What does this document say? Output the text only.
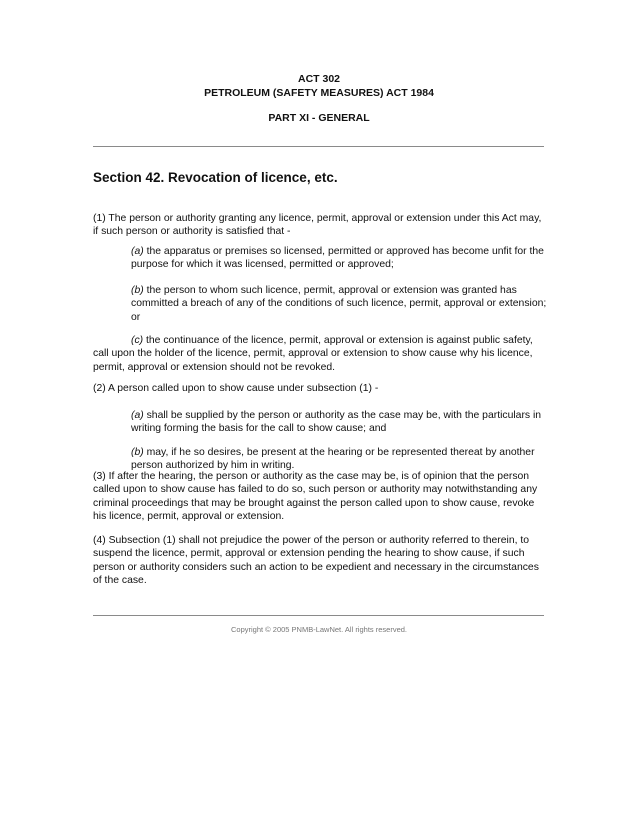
ACT 302
PETROLEUM (SAFETY MEASURES) ACT 1984
PART XI - GENERAL
Section 42. Revocation of licence, etc.

(1) The person or authority granting any licence, permit, approval or extension under this Act may, if such person or authority is satisfied that -

(a) the apparatus or premises so licensed, permitted or approved has become unfit for the purpose for which it was licensed, permitted or approved;

(b) the person to whom such licence, permit, approval or extension was granted has committed a breach of any of the conditions of such licence, permit, approval or extension; or

(c) the continuance of the licence, permit, approval or extension is against public safety, call upon the holder of the licence, permit, approval or extension to show cause why his licence, permit, approval or extension should not be revoked.

(2) A person called upon to show cause under subsection (1) -

(a) shall be supplied by the person or authority as the case may be, with the particulars in writing forming the basis for the call to show cause; and

(b) may, if he so desires, be present at the hearing or be represented thereat by another person authorized by him in writing.

(3) If after the hearing, the person or authority as the case may be, is of opinion that the person called upon to show cause has failed to do so, such person or authority may notwithstanding any criminal proceedings that may be brought against the person called upon to show cause, revoke his licence, permit, approval or extension.

(4) Subsection (1) shall not prejudice the power of the person or authority referred to therein, to suspend the licence, permit, approval or extension pending the hearing to show cause, if such person or authority considers such an action to be expedient and necessary in the circumstances of the case.

Copyright © 2005 PNMB-LawNet. All rights reserved.
